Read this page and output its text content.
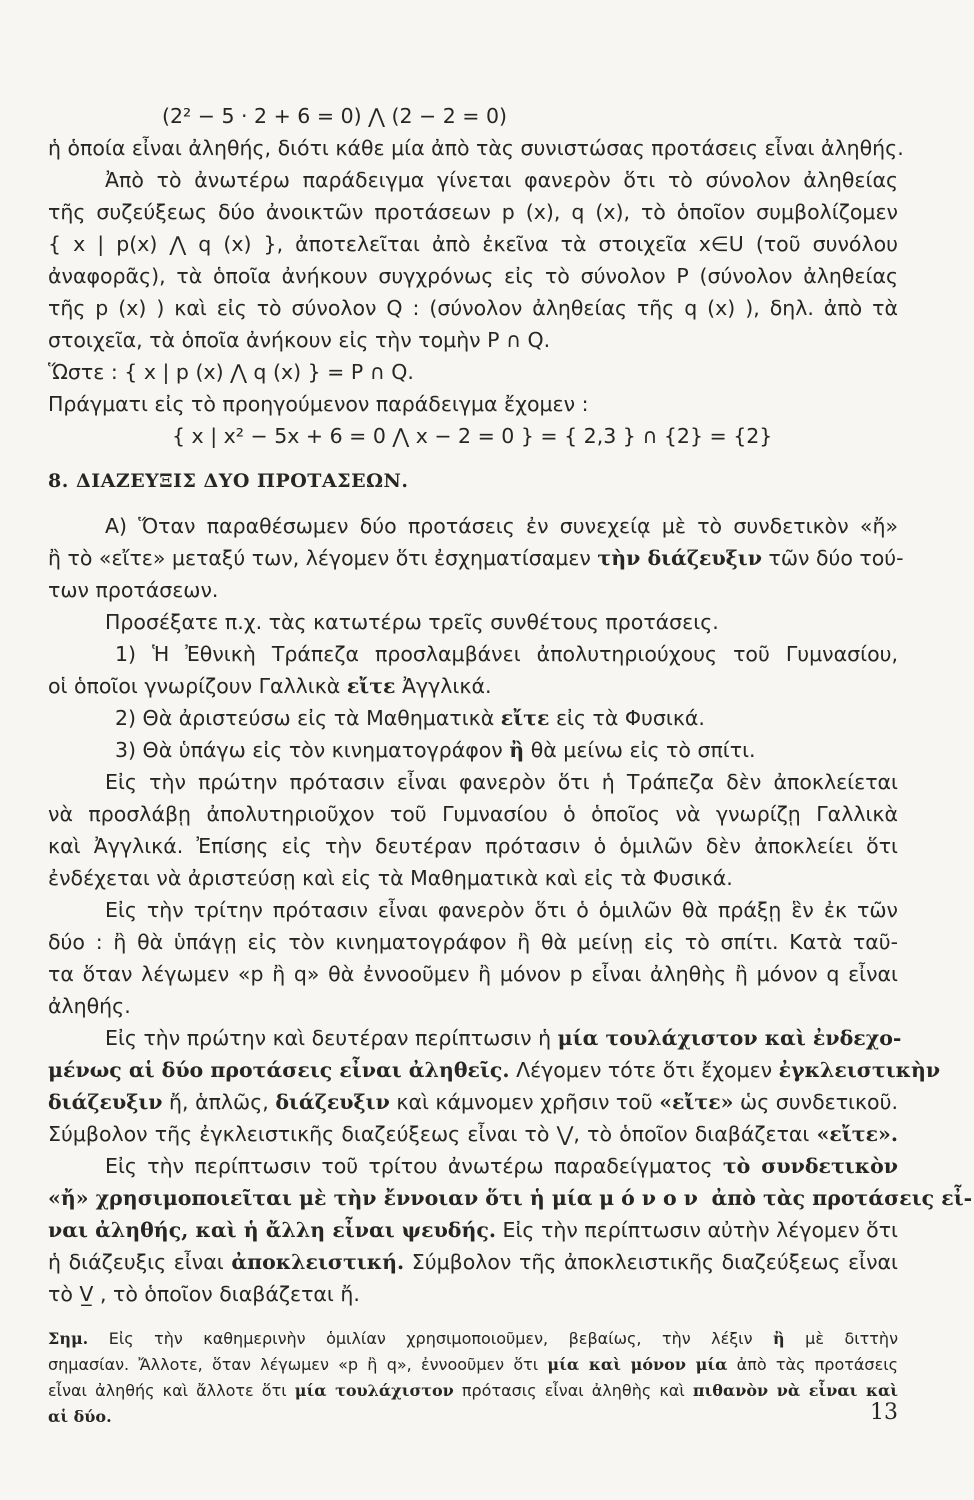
(2² − 5 · 2 + 6 = 0) ⋀ (2 − 2 = 0)
ἡ ὁποία εἶναι ἀληθής, διότι κάθε μία ἀπὸ τὰς συνιστώσας προτάσεις εἶναι ἀληθής.
Ἀπὸ τὸ ἀνωτέρω παράδειγμα γίνεται φανερὸν ὅτι τὸ σύνολον ἀληθείας
τῆς συζεύξεως δύο ἀνοικτῶν προτάσεων p (x), q (x), τὸ ὁποῖον συμβολίζομεν
{ x | p(x) ⋀ q (x) }, ἀποτελεῖται ἀπὸ ἐκεῖνα τὰ στοιχεῖα x∈U (τοῦ συνόλου
ἀναφορᾶς), τὰ ὁποῖα ἀνήκουν συγχρόνως εἰς τὸ σύνολον P (σύνολον ἀληθείας
τῆς p (x) ) καὶ εἰς τὸ σύνολον Q : (σύνολον ἀληθείας τῆς q (x) ), δηλ. ἀπὸ τὰ
στοιχεῖα, τὰ ὁποῖα ἀνήκουν εἰς τὴν τομὴν P ∩ Q.
Ὥστε : { x | p (x) ⋀ q (x) } = P ∩ Q.
Πράγματι εἰς τὸ προηγούμενον παράδειγμα ἔχομεν :
{ x | x² − 5x + 6 = 0 ⋀ x − 2 = 0 } = { 2,3 } ∩ {2} = {2}
8. ΔΙΑΖΕΥΞΙΣ ΔΥΟ ΠΡΟΤΑΣΕΩΝ.
Α) Ὅταν παραθέσωμεν δύο προτάσεις ἐν συνεχείᾳ μὲ τὸ συνδετικὸν «ἤ»
ἢ τὸ «εἴτε» μεταξύ των, λέγομεν ὅτι ἐσχηματίσαμεν τὴν διάζευξιν τῶν δύο τού-
των προτάσεων.
Προσέξατε π.χ. τὰς κατωτέρω τρεῖς συνθέτους προτάσεις.
1) Ἡ Ἐθνικὴ Τράπεζα προσλαμβάνει ἀπολυτηριούχους τοῦ Γυμνασίου,
οἱ ὁποῖοι γνωρίζουν Γαλλικὰ εἴτε Ἀγγλικά.
2) Θὰ ἀριστεύσω εἰς τὰ Μαθηματικὰ εἴτε εἰς τὰ Φυσικά.
3) Θὰ ὑπάγω εἰς τὸν κινηματογράφον ἢ θὰ μείνω εἰς τὸ σπίτι.
Εἰς τὴν πρώτην πρότασιν εἶναι φανερὸν ὅτι ἡ Τράπεζα δὲν ἀποκλείεται
νὰ προσλάβῃ ἀπολυτηριοῦχον τοῦ Γυμνασίου ὁ ὁποῖος νὰ γνωρίζῃ Γαλλικὰ
καὶ Ἀγγλικά. Ἐπίσης εἰς τὴν δευτέραν πρότασιν ὁ ὁμιλῶν δὲν ἀποκλείει ὅτι
ἐνδέχεται νὰ ἀριστεύσῃ καὶ εἰς τὰ Μαθηματικὰ καὶ εἰς τὰ Φυσικά.
Εἰς τὴν τρίτην πρότασιν εἶναι φανερὸν ὅτι ὁ ὁμιλῶν θὰ πράξῃ ἓν ἐκ τῶν
δύο : ἢ θὰ ὑπάγῃ εἰς τὸν κινηματογράφον ἢ θὰ μείνῃ εἰς τὸ σπίτι. Κατὰ ταῦ-
τα ὅταν λέγωμεν «p ἢ q» θὰ ἐννοοῦμεν ἢ μόνον p εἶναι ἀληθὴς ἢ μόνον q εἶναι
ἀληθής.
Εἰς τὴν πρώτην καὶ δευτέραν περίπτωσιν ἡ μία τουλάχιστον καὶ ἐνδεχο-
μένως αἱ δύο προτάσεις εἶναι ἀληθεῖς. Λέγομεν τότε ὅτι ἔχομεν ἐγκλειστικὴν
διάζευξιν ἤ, ἁπλῶς, διάζευξιν καὶ κάμνομεν χρῆσιν τοῦ «εἴτε» ὡς συνδετικοῦ.
Σύμβολον τῆς ἐγκλειστικῆς διαζεύξεως εἶναι τὸ ⋁, τὸ ὁποῖον διαβάζεται «εἴτε».
Εἰς τὴν περίπτωσιν τοῦ τρίτου ἀνωτέρω παραδείγματος τὸ συνδετικὸν
«ἤ» χρησιμοποιεῖται μὲ τὴν ἔννοιαν ὅτι ἡ μία μόνον ἀπὸ τὰς προτάσεις εἶ-
ναι ἀληθής, καὶ ἡ ἄλλη εἶναι ψευδής. Εἰς τὴν περίπτωσιν αὐτὴν λέγομεν ὅτι
ἡ διάζευξις εἶναι ἀποκλειστική. Σύμβολον τῆς ἀποκλειστικῆς διαζεύξεως εἶναι
τὸ V̲ , τὸ ὁποῖον διαβάζεται ἤ.
Σημ. Εἰς τὴν καθημερινὴν ὁμιλίαν χρησιμοποιοῦμεν, βεβαίως, τὴν λέξιν ἢ μὲ διττὴν
σημασίαν. Ἄλλοτε, ὅταν λέγωμεν «p ἢ q», ἐννοοῦμεν ὅτι μία καὶ μόνον μία ἀπὸ τὰς προτάσεις
εἶναι ἀληθής καὶ ἄλλοτε ὅτι μία τουλάχιστον πρότασις εἶναι ἀληθὴς καὶ πιθανὸν νὰ εἶναι καὶ
αἱ δύο.	13
